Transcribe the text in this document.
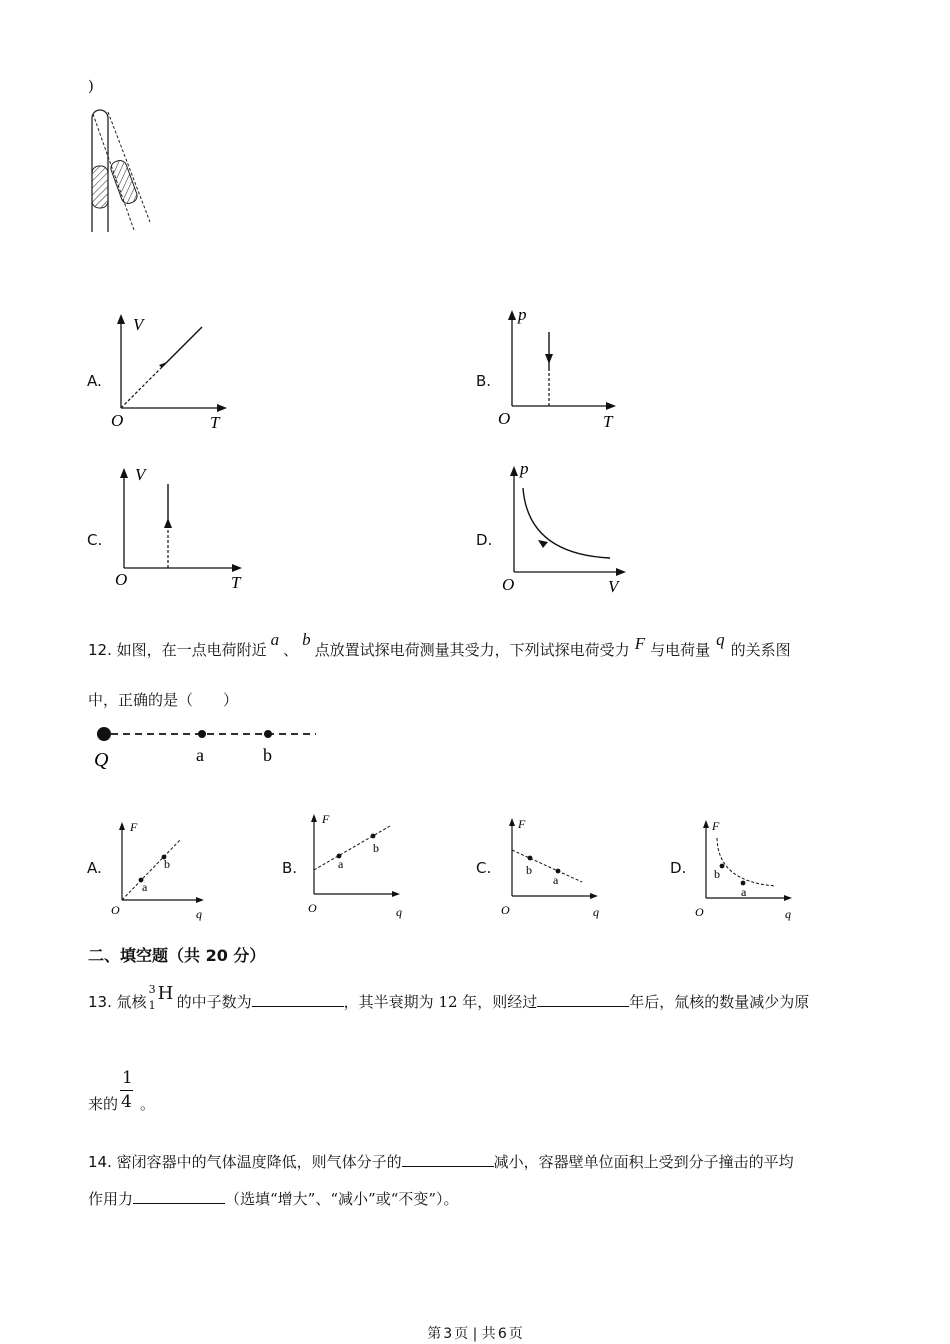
)
A.
V
T
O
B.
p
T
O
C.
V
T
O
D.
p
V
O
12. 如图，在一点电荷附近a、b点放置试探电荷测量其受力，下列试探电荷受力 F 与电荷量q的关系图
中，正确的是（　　）
Q	a	b
A.
F
q
O
a
b	B.
F
q
O
a
b
C.
F
q
O
b
a
D.
F
q
O
b
a
二、填空题（共 20 分）
13. 氚核
3
1
H 的中子数为	，其半衰期为 12 年，则经过	年后，氚核的数量减少为原
来的 $\frac{1}{4}$ 。
14. 密闭容器中的气体温度降低，则气体分子的	减小，容器壁单位面积上受到分子撞击的平均
作用力	（选填“增大”、“减小”或“不变”）。
第 3 页 | 共 6 页
